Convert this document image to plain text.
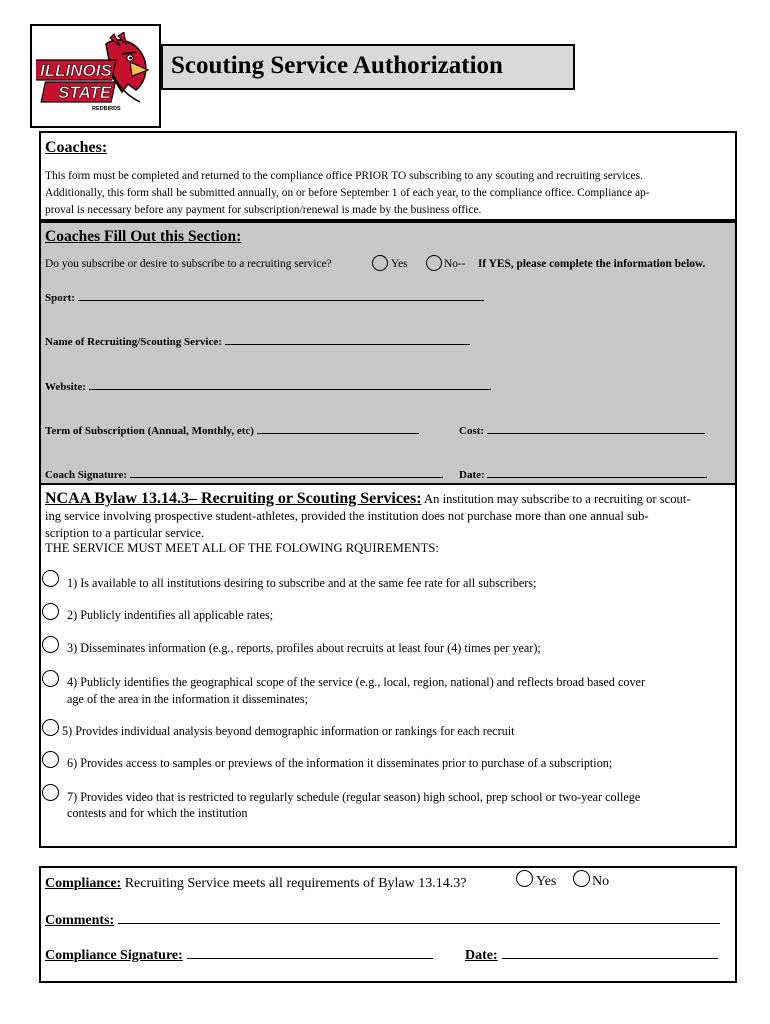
ILLINOIS
STATE
REDBIRDS
Scouting Service Authorization
Coaches:
This form must be completed and returned to the compliance office PRIOR TO subscribing to any scouting and recruiting services.
Additionally, this form shall be submitted annually, on or before September 1 of each year, to the compliance office. Compliance ap-
proval is necessary before any payment for subscription/renewal is made by the business office.
Coaches Fill Out this Section:
Do you subscribe or desire to subscribe to a recruiting service?	Yes	No-- If YES, please complete the information below.
Sport:
Name of Recruiting/Scouting Service:
Website:
Term of Subscription (Annual, Monthly, etc)	Cost:
Coach Signature:	Date:
NCAA Bylaw 13.14.3– Recruiting or Scouting Services: An institution may subscribe to a recruiting or scout-
ing service involving prospective student-athletes, provided the institution does not purchase more than one annual sub-
scription to a particular service.
THE SERVICE MUST MEET ALL OF THE FOLOWING RQUIREMENTS:
1) Is available to all institutions desiring to subscribe and at the same fee rate for all subscribers;
2) Publicly indentifies all applicable rates;
3) Disseminates information (e.g., reports, profiles about recruits at least four (4) times per year);
4) Publicly identifies the geographical scope of the service (e.g., local, region, national) and reflects broad based cover
age of the area in the information it disseminates;
5) Provides individual analysis beyond demographic information or rankings for each recruit
6) Provides access to samples or previews of the information it disseminates prior to purchase of a subscription;
7) Provides video that is restricted to regularly schedule (regular season) high school, prep school or two-year college
contests and for which the institution
Compliance: Recruiting Service meets all requirements of Bylaw 13.14.3?	Yes	No
Comments:
Compliance Signature:	Date:
